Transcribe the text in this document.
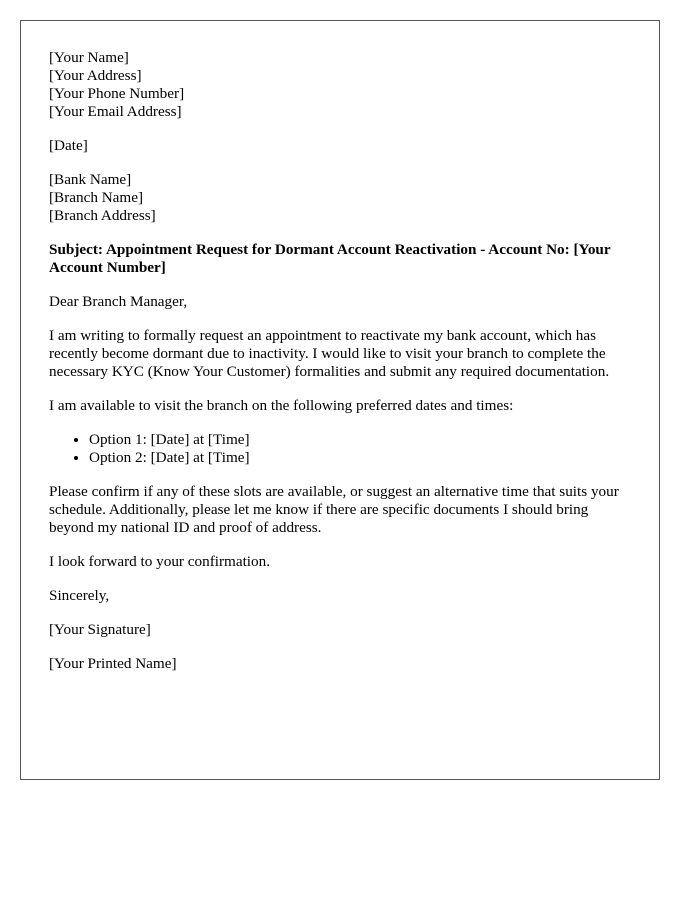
[Your Name]
[Your Address]
[Your Phone Number]
[Your Email Address]

[Date]

[Bank Name]
[Branch Name]
[Branch Address]

Subject: Appointment Request for Dormant Account Reactivation - Account No: [Your Account Number]

Dear Branch Manager,

I am writing to formally request an appointment to reactivate my bank account, which has recently become dormant due to inactivity. I would like to visit your branch to complete the necessary KYC (Know Your Customer) formalities and submit any required documentation.

I am available to visit the branch on the following preferred dates and times:

• Option 1: [Date] at [Time]
• Option 2: [Date] at [Time]

Please confirm if any of these slots are available, or suggest an alternative time that suits your schedule. Additionally, please let me know if there are specific documents I should bring beyond my national ID and proof of address.

I look forward to your confirmation.

Sincerely,

[Your Signature]

[Your Printed Name]
